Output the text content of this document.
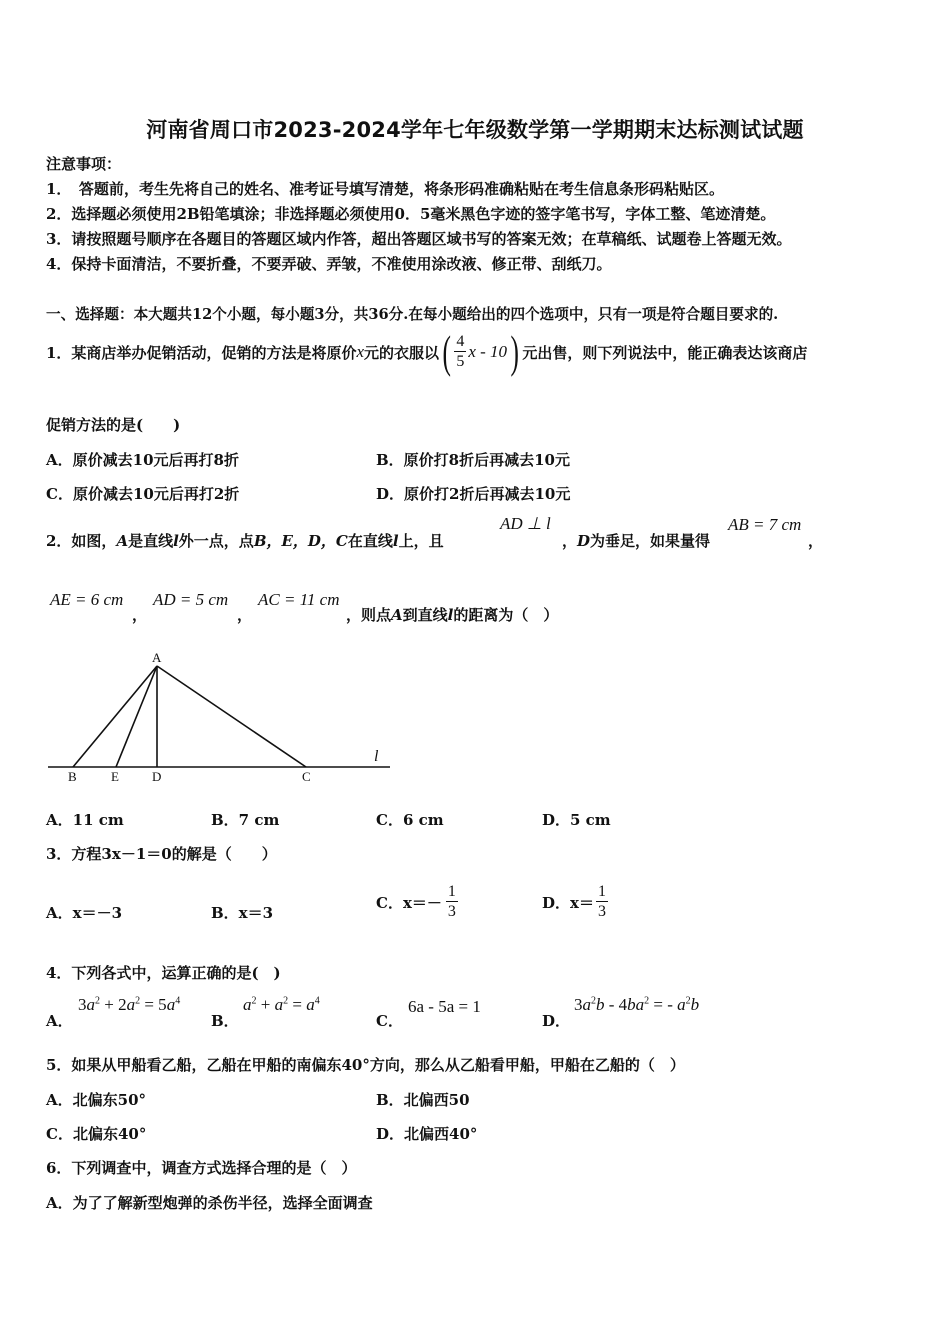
河南省周口市2023-2024学年七年级数学第一学期期末达标测试试题
注意事项：
1．　答题前，考生先将自己的姓名、准考证号填写清楚，将条形码准确粘贴在考生信息条形码粘贴区。
2．选择题必须使用2B铅笔填涂；非选择题必须使用0．5毫米黑色字迹的签字笔书写，字体工整、笔迹清楚。
3．请按照题号顺序在各题目的答题区域内作答，超出答题区域书写的答案无效；在草稿纸、试题卷上答题无效。
4．保持卡面清洁，不要折叠，不要弄破、弄皱，不准使用涂改液、修正带、刮纸刀。
一、选择题：本大题共12个小题，每小题3分，共36分.在每小题给出的四个选项中，只有一项是符合题目要求的.
1．某商店举办促销活动，促销的方法是将原价 x 元的衣服以 ( $\frac{4}{5}$ x - 10 ) 元出售，则下列说法中，能正确表达该商店
促销方法的是(　　)
A．原价减去10元后再打8折	B．原价打8折后再减去10元
C．原价减去10元后再打2折	D．原价打2折后再减去10元
2．如图，A是直线l外一点，点B，E，D，C在直线l上，且
AD ⊥ l
，D为垂足，如果量得
AB = 7 cm
，
AE = 6 cm
，
AD = 5 cm
，
AC = 11 cm
，则点A到直线l的距离为（　）
A
B	E	D	C
l
A．11 cm	B．7 cm	C．6 cm	D．5 cm
3．方程3x－1＝0的解是（　　）
A．x＝－3	B．x＝3
C．$x=- \frac{1}{3}$	D．$x= \frac{1}{3}$
4．下列各式中，运算正确的是(　)
A．
$3a^2 + 2a^2 = 5a^4$
B．
$a^2 + a^2 = a^4$
C．
6a - 5a = 1
D．
$3a^2b - 4ba^2$ = - $a^2b$
5．如果从甲船看乙船，乙船在甲船的南偏东40°方向，那么从乙船看甲船，甲船在乙船的（　）
A．北偏东50°	B．北偏西50
C．北偏东40°	D．北偏西40°
6．下列调查中，调查方式选择合理的是（　）
A．为了了解新型炮弹的杀伤半径，选择全面调查
